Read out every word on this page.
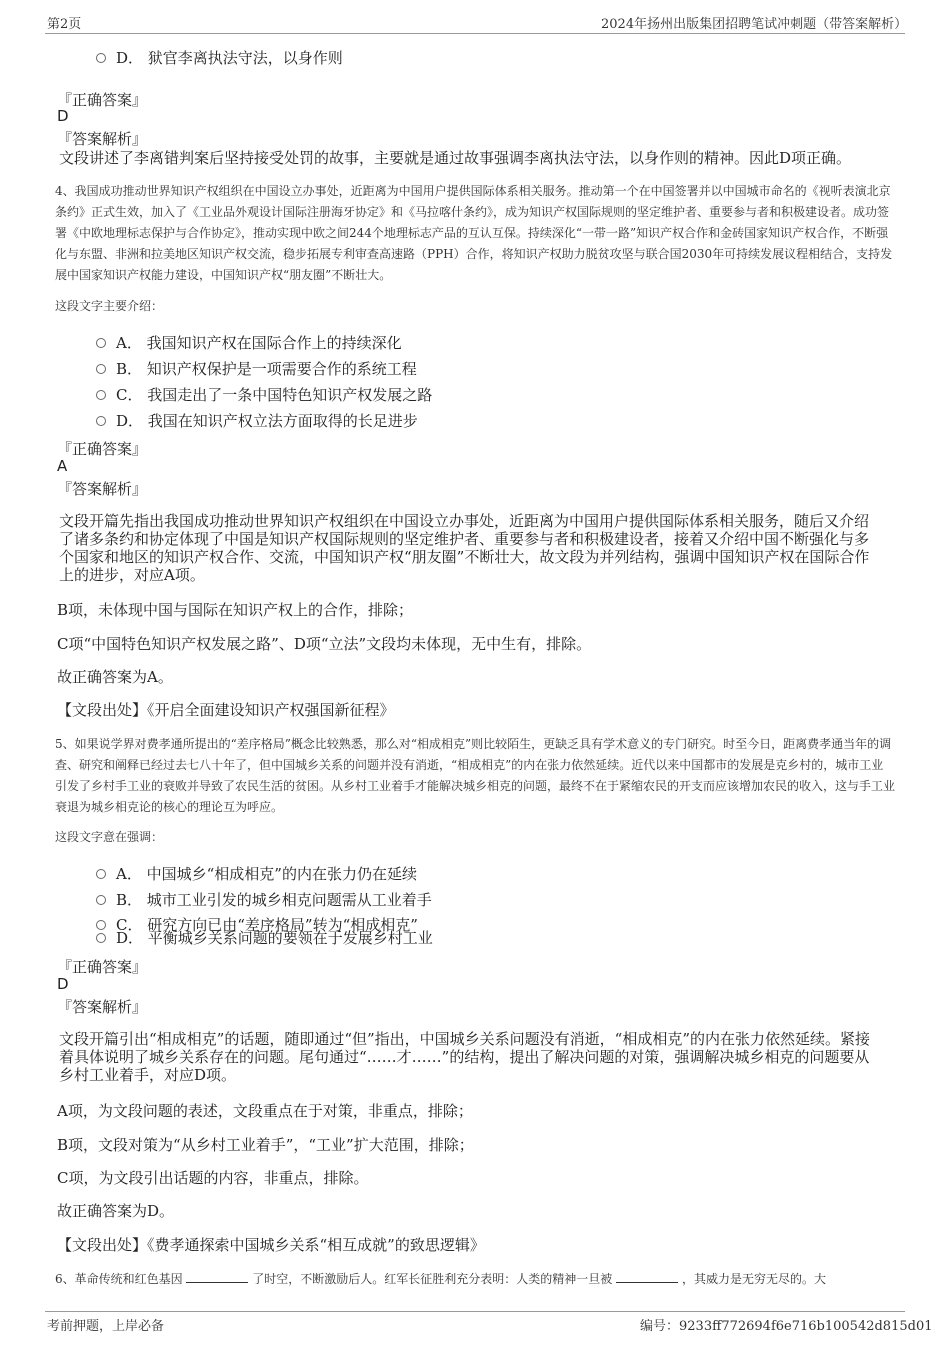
第2页	2024年扬州出版集团招聘笔试冲刺题（带答案解析）
D． 狱官李离执法守法，以身作则
『正确答案』
D
『答案解析』
文段讲述了李离错判案后坚持接受处罚的故事，主要就是通过故事强调李离执法守法，以身作则的精神。因此D项正确。
4、我国成功推动世界知识产权组织在中国设立办事处，近距离为中国用户提供国际体系相关服务。推动第一个在中国签署并以中国城市命名的《视听表演北京条约》正式生效，加入了《工业品外观设计国际注册海牙协定》和《马拉喀什条约》，成为知识产权国际规则的坚定维护者、重要参与者和积极建设者。成功签署《中欧地理标志保护与合作协定》，推动实现中欧之间244个地理标志产品的互认互保。持续深化“一带一路”知识产权合作和金砖国家知识产权合作，不断强化与东盟、非洲和拉美地区知识产权交流，稳步拓展专利审查高速路（PPH）合作，将知识产权助力脱贫攻坚与联合国2030年可持续发展议程相结合，支持发展中国家知识产权能力建设，中国知识产权“朋友圈”不断壮大。
这段文字主要介绍：
A． 我国知识产权在国际合作上的持续深化
B． 知识产权保护是一项需要合作的系统工程
C． 我国走出了一条中国特色知识产权发展之路
D． 我国在知识产权立法方面取得的长足进步
『正确答案』
A
『答案解析』
文段开篇先指出我国成功推动世界知识产权组织在中国设立办事处，近距离为中国用户提供国际体系相关服务，随后又介绍了诸多条约和协定体现了中国是知识产权国际规则的坚定维护者、重要参与者和积极建设者，接着又介绍中国不断强化与多个国家和地区的知识产权合作、交流，中国知识产权“朋友圈”不断壮大，故文段为并列结构，强调中国知识产权在国际合作上的进步，对应A项。
B项，未体现中国与国际在知识产权上的合作，排除；
C项“中国特色知识产权发展之路”、D项“立法”文段均未体现，无中生有，排除。
故正确答案为A。
【文段出处】《开启全面建设知识产权强国新征程》
5、如果说学界对费孝通所提出的“差序格局”概念比较熟悉，那么对“相成相克”则比较陌生，更缺乏具有学术意义的专门研究。时至今日，距离费孝通当年的调查、研究和阐释已经过去七八十年了，但中国城乡关系的问题并没有消逝，“相成相克”的内在张力依然延续。近代以来中国都市的发展是克乡村的，城市工业引发了乡村手工业的衰败并导致了农民生活的贫困。从乡村工业着手才能解决城乡相克的问题，最终不在于紧缩农民的开支而应该增加农民的收入，这与手工业衰退为城乡相克论的核心的理论互为呼应。
这段文字意在强调：
A． 中国城乡“相成相克”的内在张力仍在延续
B． 城市工业引发的城乡相克问题需从工业着手
C． 研究方向已由“差序格局”转为“相成相克”
D． 平衡城乡关系问题的要领在于发展乡村工业
『正确答案』
D
『答案解析』
文段开篇引出“相成相克”的话题，随即通过“但”指出，中国城乡关系问题没有消逝，“相成相克”的内在张力依然延续。紧接着具体说明了城乡关系存在的问题。尾句通过“……才……”的结构，提出了解决问题的对策，强调解决城乡相克的问题要从乡村工业着手，对应D项。
A项，为文段问题的表述，文段重点在于对策，非重点，排除；
B项，文段对策为“从乡村工业着手”，“工业”扩大范围，排除；
C项，为文段引出话题的内容，非重点，排除。
故正确答案为D。
【文段出处】《费孝通探索中国城乡关系“相互成就”的致思逻辑》
6、革命传统和红色基因	了时空，不断激励后人。红军长征胜利充分表明：人类的精神一旦被	，其威力是无穷无尽的。大
考前押题，上岸必备	编号：9233ff772694f6e716b100542d815d01
